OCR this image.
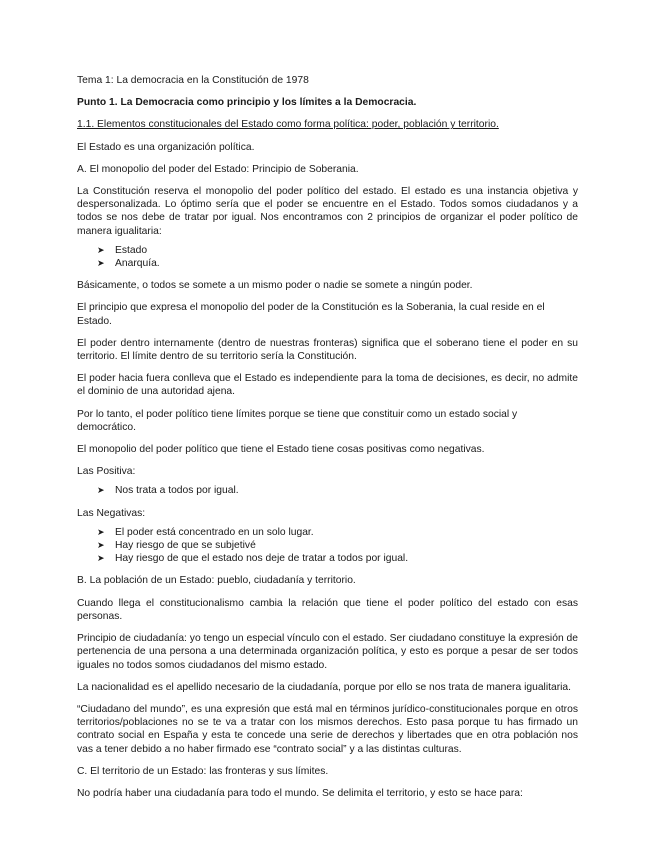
Tema 1: La democracia en la Constitución de 1978

Punto 1. La Democracia como principio y los límites a la Democracia.

1.1. Elementos constitucionales del Estado como forma política: poder, población y territorio.

El Estado es una organización política.

A. El monopolio del poder del Estado: Principio de Soberania.

La Constitución reserva el monopolio del poder político del estado. El estado es una instancia objetiva y despersonalizada. Lo óptimo sería que el poder se encuentre en el Estado. Todos somos ciudadanos y a todos se nos debe de tratar por igual. Nos encontramos con 2 principios de organizar el poder político de manera igualitaria:

➤ Estado
➤ Anarquía.

Básicamente, o todos se somete a un mismo poder o nadie se somete a ningún poder.

El principio que expresa el monopolio del poder de la Constitución es la Soberania, la cual reside en el Estado.

El poder dentro internamente (dentro de nuestras fronteras) significa que el soberano tiene el poder en su territorio. El límite dentro de su territorio sería la Constitución.

El poder hacia fuera conlleva que el Estado es independiente para la toma de decisiones, es decir, no admite el dominio de una autoridad ajena.

Por lo tanto, el poder político tiene límites porque se tiene que constituir como un estado social y democrático.

El monopolio del poder político que tiene el Estado tiene cosas positivas como negativas.

Las Positiva:

➤ Nos trata a todos por igual.

Las Negativas:

➤ El poder está concentrado en un solo lugar.
➤ Hay riesgo de que se subjetivé
➤ Hay riesgo de que el estado nos deje de tratar a todos por igual.

B. La población de un Estado: pueblo, ciudadanía y territorio.

Cuando llega el constitucionalismo cambia la relación que tiene el poder político del estado con esas personas.

Principio de ciudadanía: yo tengo un especial vínculo con el estado. Ser ciudadano constituye la expresión de pertenencia de una persona a una determinada organización política, y esto es porque a pesar de ser todos iguales no todos somos ciudadanos del mismo estado.

La nacionalidad es el apellido necesario de la ciudadanía, porque por ello se nos trata de manera igualitaria.

“Ciudadano del mundo”, es una expresión que está mal en términos jurídico-constitucionales porque en otros territorios/poblaciones no se te va a tratar con los mismos derechos. Esto pasa porque tu has firmado un contrato social en España y esta te concede una serie de derechos y libertades que en otra población nos vas a tener debido a no haber firmado ese “contrato social” y a las distintas culturas.

C. El territorio de un Estado: las fronteras y sus límites.

No podría haber una ciudadanía para todo el mundo. Se delimita el territorio, y esto se hace para:
